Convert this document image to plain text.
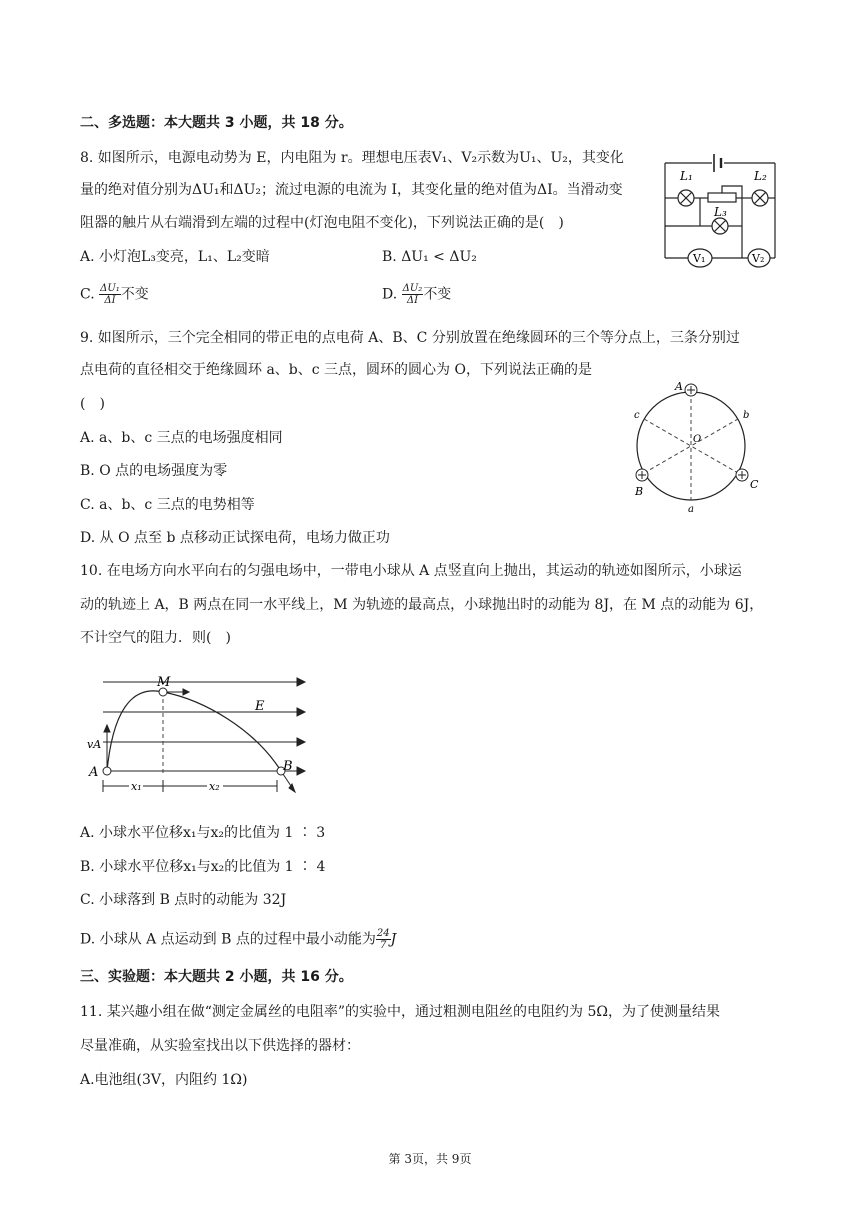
二、多选题：本大题共 3 小题，共 18 分。
8. 如图所示，电源电动势为 E，内电阻为 r。理想电压表V₁、V₂示数为U₁、U₂，其变化
量的绝对值分别为ΔU₁和ΔU₂；流过电源的电流为 I，其变化量的绝对值为ΔI。当滑动变
阻器的触片从右端滑到左端的过程中(灯泡电阻不变化)，下列说法正确的是(　)
A. 小灯泡L₃变亮，L₁、L₂变暗	B. ΔU₁ < ΔU₂
C. $\frac{\text{ΔU₁}}{\Delta I}$ 不变	D. $\frac{\text{ΔU₂}}{\Delta I}$ 不变
L₁	L₂
L₃
V₁	V₂
9. 如图所示，三个完全相同的带正电的点电荷 A、B、C 分别放置在绝缘圆环的三个等分点上，三条分别过
点电荷的直径相交于绝缘圆环 a、b、c 三点，圆环的圆心为 O，下列说法正确的是
(　)
A. a、b、c 三点的电场强度相同
B. O 点的电场强度为零
C. a、b、c 三点的电势相等
D. 从 O 点至 b 点移动正试探电荷，电场力做正功
A
B
C
a
b
c
O
10. 在电场方向水平向右的匀强电场中，一带电小球从 A 点竖直向上抛出，其运动的轨迹如图所示，小球运
动的轨迹上 A，B 两点在同一水平线上，M 为轨迹的最高点，小球抛出时的动能为 8J，在 M 点的动能为 6J，
不计空气的阻力．则(　)
M
E
vA
A	B
x₁	x₂
A. 小球水平位移x₁与x₂的比值为 1 ∶ 3
B. 小球水平位移x₁与x₂的比值为 1 ∶ 4
C. 小球落到 B 点时的动能为 32J
D. 小球从 A 点运动到 B 点的过程中最小动能为 $\frac{24}{7}$ J
三、实验题：本大题共 2 小题，共 16 分。
11. 某兴趣小组在做“测定金属丝的电阻率”的实验中，通过粗测电阻丝的电阻约为 5Ω，为了使测量结果
尽量准确，从实验室找出以下供选择的器材：
A.电池组(3V，内阻约 1Ω)
第 3页，共 9页
